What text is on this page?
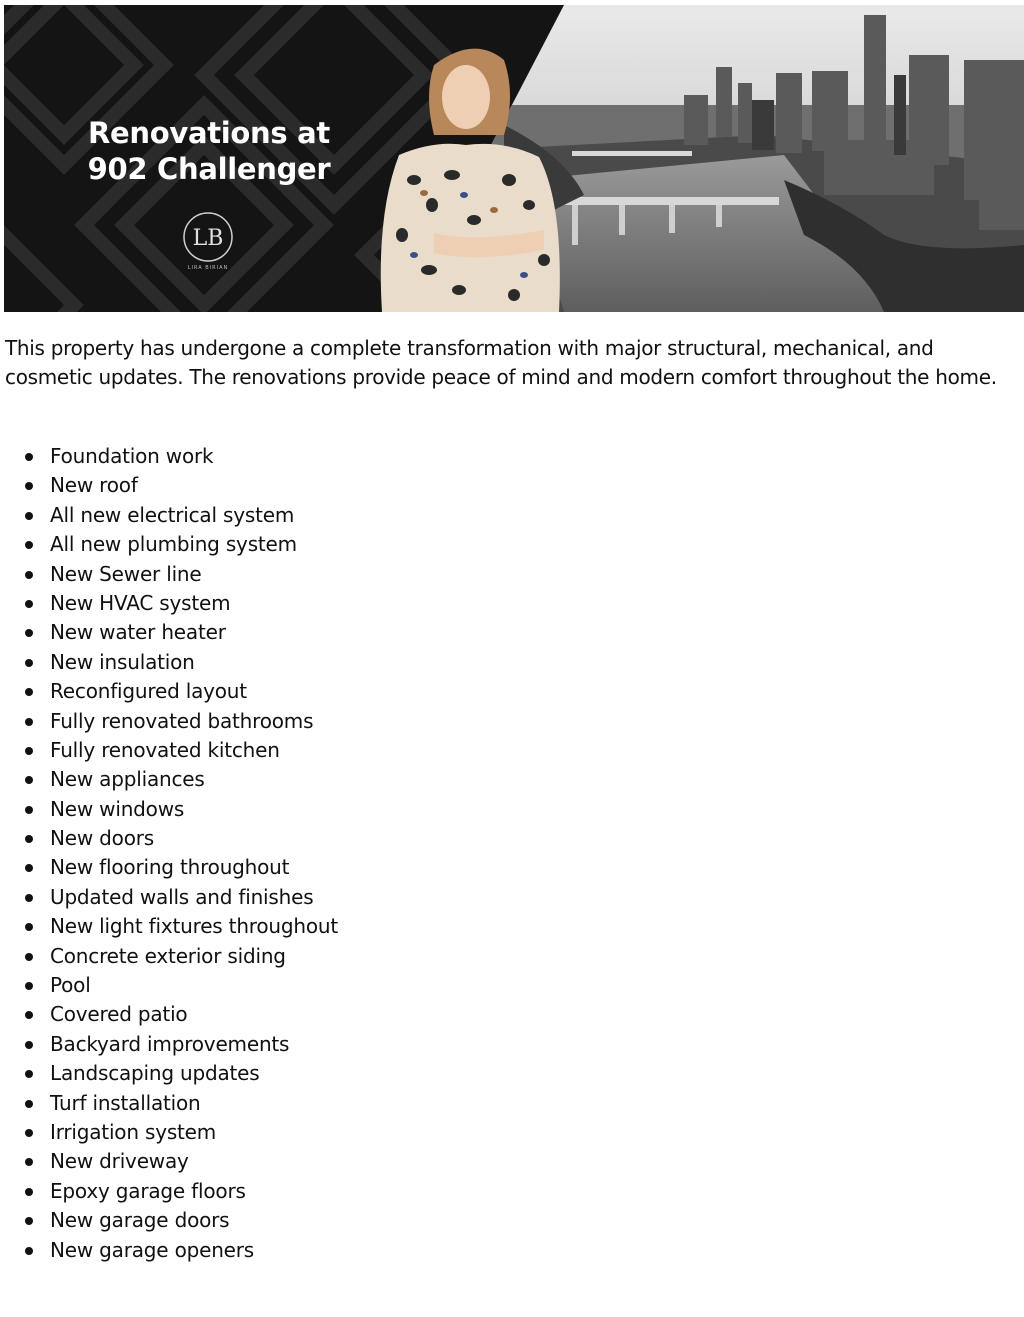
Renovations at
902 Challenger
LB
LIRA BIRIAN

This property has undergone a complete transformation with major structural, mechanical, and cosmetic updates. The renovations provide peace of mind and modern comfort throughout the home.

Foundation work
New roof
All new electrical system
All new plumbing system
New Sewer line
New HVAC system
New water heater
New insulation
Reconfigured layout
Fully renovated bathrooms
Fully renovated kitchen
New appliances
New windows
New doors
New flooring throughout
Updated walls and finishes
New light fixtures throughout
Concrete exterior siding
Pool
Covered patio
Backyard improvements
Landscaping updates
Turf installation
Irrigation system
New driveway
Epoxy garage floors
New garage doors
New garage openers
